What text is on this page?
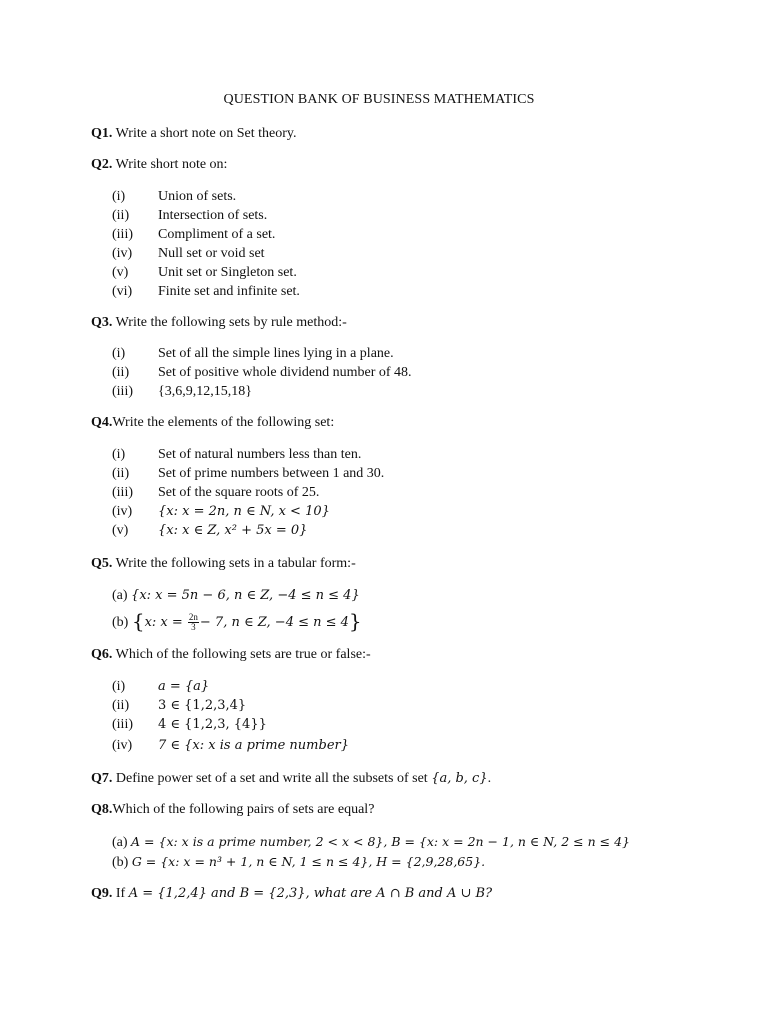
QUESTION BANK OF BUSINESS MATHEMATICS
Q1. Write a short note on Set theory.
Q2. Write short note on:
(i) Union of sets.
(ii) Intersection of sets.
(iii) Compliment of a set.
(iv) Null set or void set
(v) Unit set or Singleton set.
(vi) Finite set and infinite set.
Q3. Write the following sets by rule method:-
(i) Set of all the simple lines lying in a plane.
(ii) Set of positive whole dividend number of 48.
(iii) {3,6,9,12,15,18}
Q4.Write the elements of the following set:
(i) Set of natural numbers less than ten.
(ii) Set of prime numbers between 1 and 30.
(iii) Set of the square roots of 25.
(iv) {x: x = 2n, n ∈ N, x < 10}
(v) {x: x ∈ Z, x² + 5x = 0}
Q5. Write the following sets in a tabular form:-
(a) {x: x = 5n − 6, n ∈ Z, −4 ≤ n ≤ 4}
(b) {x: $x = \frac{2n}{3} - 7$, n ∈ Z, −4 ≤ n ≤ 4}
Q6. Which of the following sets are true or false:-
(i)	a = {a}
(ii) 3 ∈ {1,2,3,4}
(iii) 4 ∈ {1,2,3, {4}}
(iv) 7 ∈ {x: x is a prime number}
Q7. Define power set of a set and write all the subsets of set {a, b, c}.
Q8.Which of the following pairs of sets are equal?
(a) A = {x: x is a prime number, 2 < x < 8}, B = {x: x = 2n − 1, n ∈ N, 2 ≤ n ≤ 4}
(b) G = {x: x = n³ + 1, n ∈ N, 1 ≤ n ≤ 4}, H = {2,9,28,65}.
Q9. If A = {1,2,4} and B = {2,3}, what are A ∩ B and A ∪ B?
